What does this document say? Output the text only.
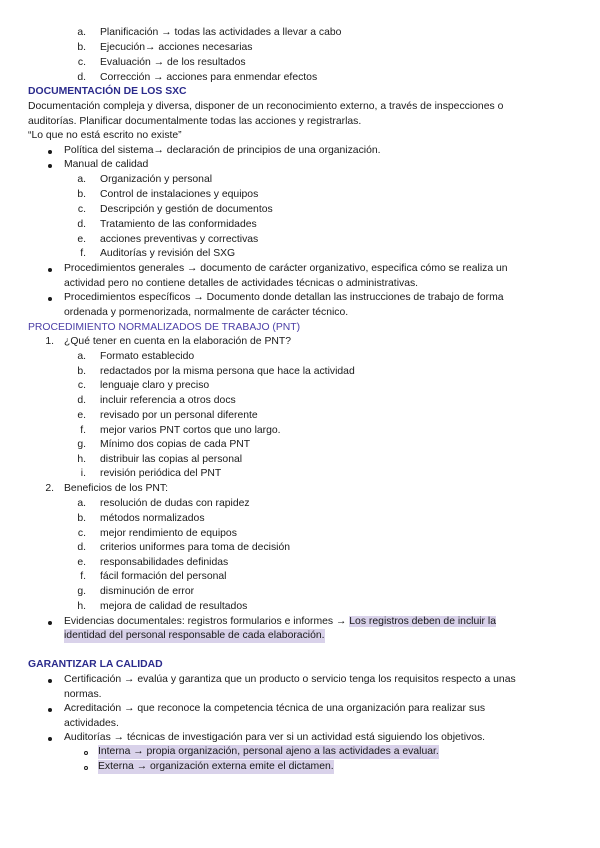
a. Planificación → todas las actividades a llevar a cabo
b. Ejecución→ acciones necesarias
c. Evaluación → de los resultados
d. Corrección → acciones para enmendar efectos
DOCUMENTACIÓN DE LOS SXC
Documentación compleja y diversa, disponer de un reconocimiento externo, a través de inspecciones o
auditorías. Planificar documentalmente todas las acciones y registrarlas.
“Lo que no está escrito no existe”
Política del sistema→ declaración de principios de una organización.
Manual de calidad
a. Organización y personal
b. Control de instalaciones y equipos
c. Descripción y gestión de documentos
d. Tratamiento de las conformidades
e. acciones preventivas y correctivas
f. Auditorías y revisión del SXG
Procedimientos generales → documento de carácter organizativo, especifica cómo se realiza un
actividad pero no contiene detalles de actividades técnicas o administrativas.
Procedimientos específicos → Documento donde detallan las instrucciones de trabajo de forma
ordenada y pormenorizada, normalmente de carácter técnico.
PROCEDIMIENTO NORMALIZADOS DE TRABAJO (PNT)
1. ¿Qué tener en cuenta en la elaboración de PNT?
a. Formato establecido
b. redactados por la misma persona que hace la actividad
c. lenguaje claro y preciso
d. incluir referencia a otros docs
e. revisado por un personal diferente
f. mejor varios PNT cortos que uno largo.
g. Mínimo dos copias de cada PNT
h. distribuir las copias al personal
i. revisión periódica del PNT
2. Beneficios de los PNT:
a. resolución de dudas con rapidez
b. métodos normalizados
c. mejor rendimiento de equipos
d. criterios uniformes para toma de decisión
e. responsabilidades definidas
f. fácil formación del personal
g. disminución de error
h. mejora de calidad de resultados
Evidencias documentales: registros formularios e informes → Los registros deben de incluir la
identidad del personal responsable de cada elaboración.
GARANTIZAR LA CALIDAD
Certificación → evalúa y garantiza que un producto o servicio tenga los requisitos respecto a unas
normas.
Acreditación → que reconoce la competencia técnica de una organización para realizar sus
actividades.
Auditorías → técnicas de investigación para ver si un actividad está siguiendo los objetivos.
Interna → propia organización, personal ajeno a las actividades a evaluar.
Externa → organización externa emite el dictamen.
